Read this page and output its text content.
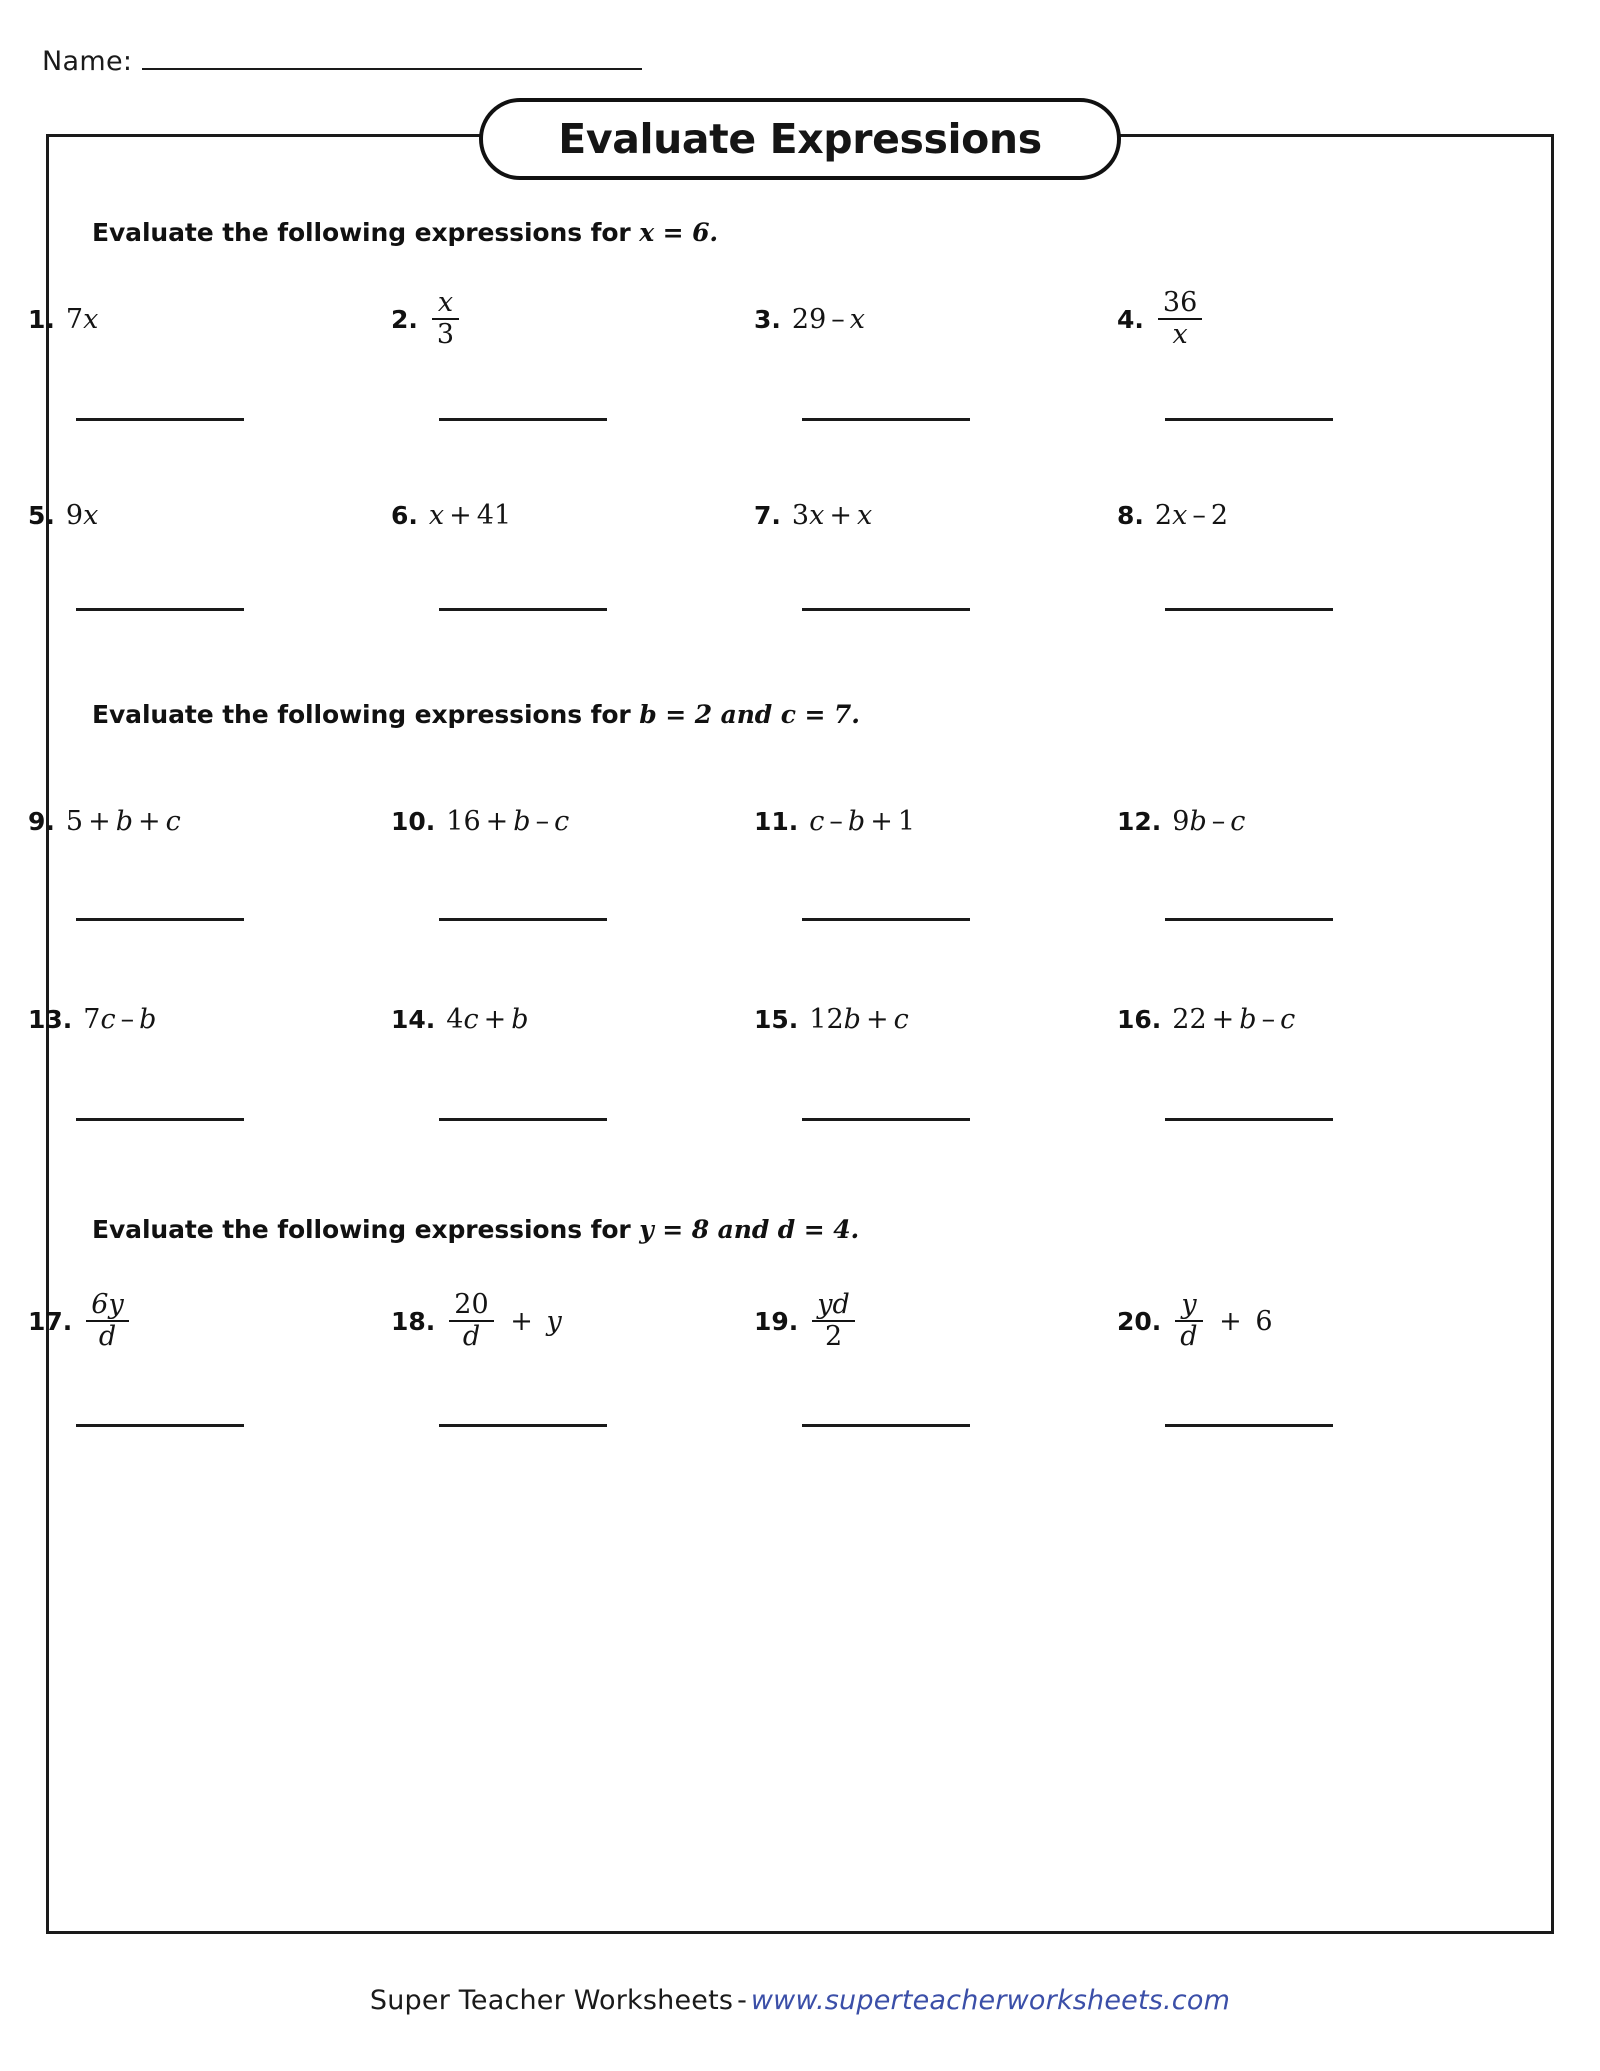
Name:
Evaluate Expressions
Evaluate the following expressions for x = 6.
1. 7 x	2. $\frac{x}{3}$	3. 29 – x	4. $\frac{36}{x}$
5. 9 x	6. x + 41	7. 3 x + x	8. 2 x – 2
Evaluate the following expressions for b = 2 and c = 7.
9. 5 + b + c	10. 16 + b – c	11. c – b + 1	12. 9 b – c
13. 7 c – b	14. 4 c + b	15. 12 b + c	16. 22 + b – c
Evaluate the following expressions for y = 8 and d = 4.
17. $\frac{6y}{d}$	18. $\frac{20}{d} + y$	19. $\frac{yd}{2}$	20. $\frac{y}{d} + 6$
Super Teacher Worksheets - www.superteacherworksheets.com
